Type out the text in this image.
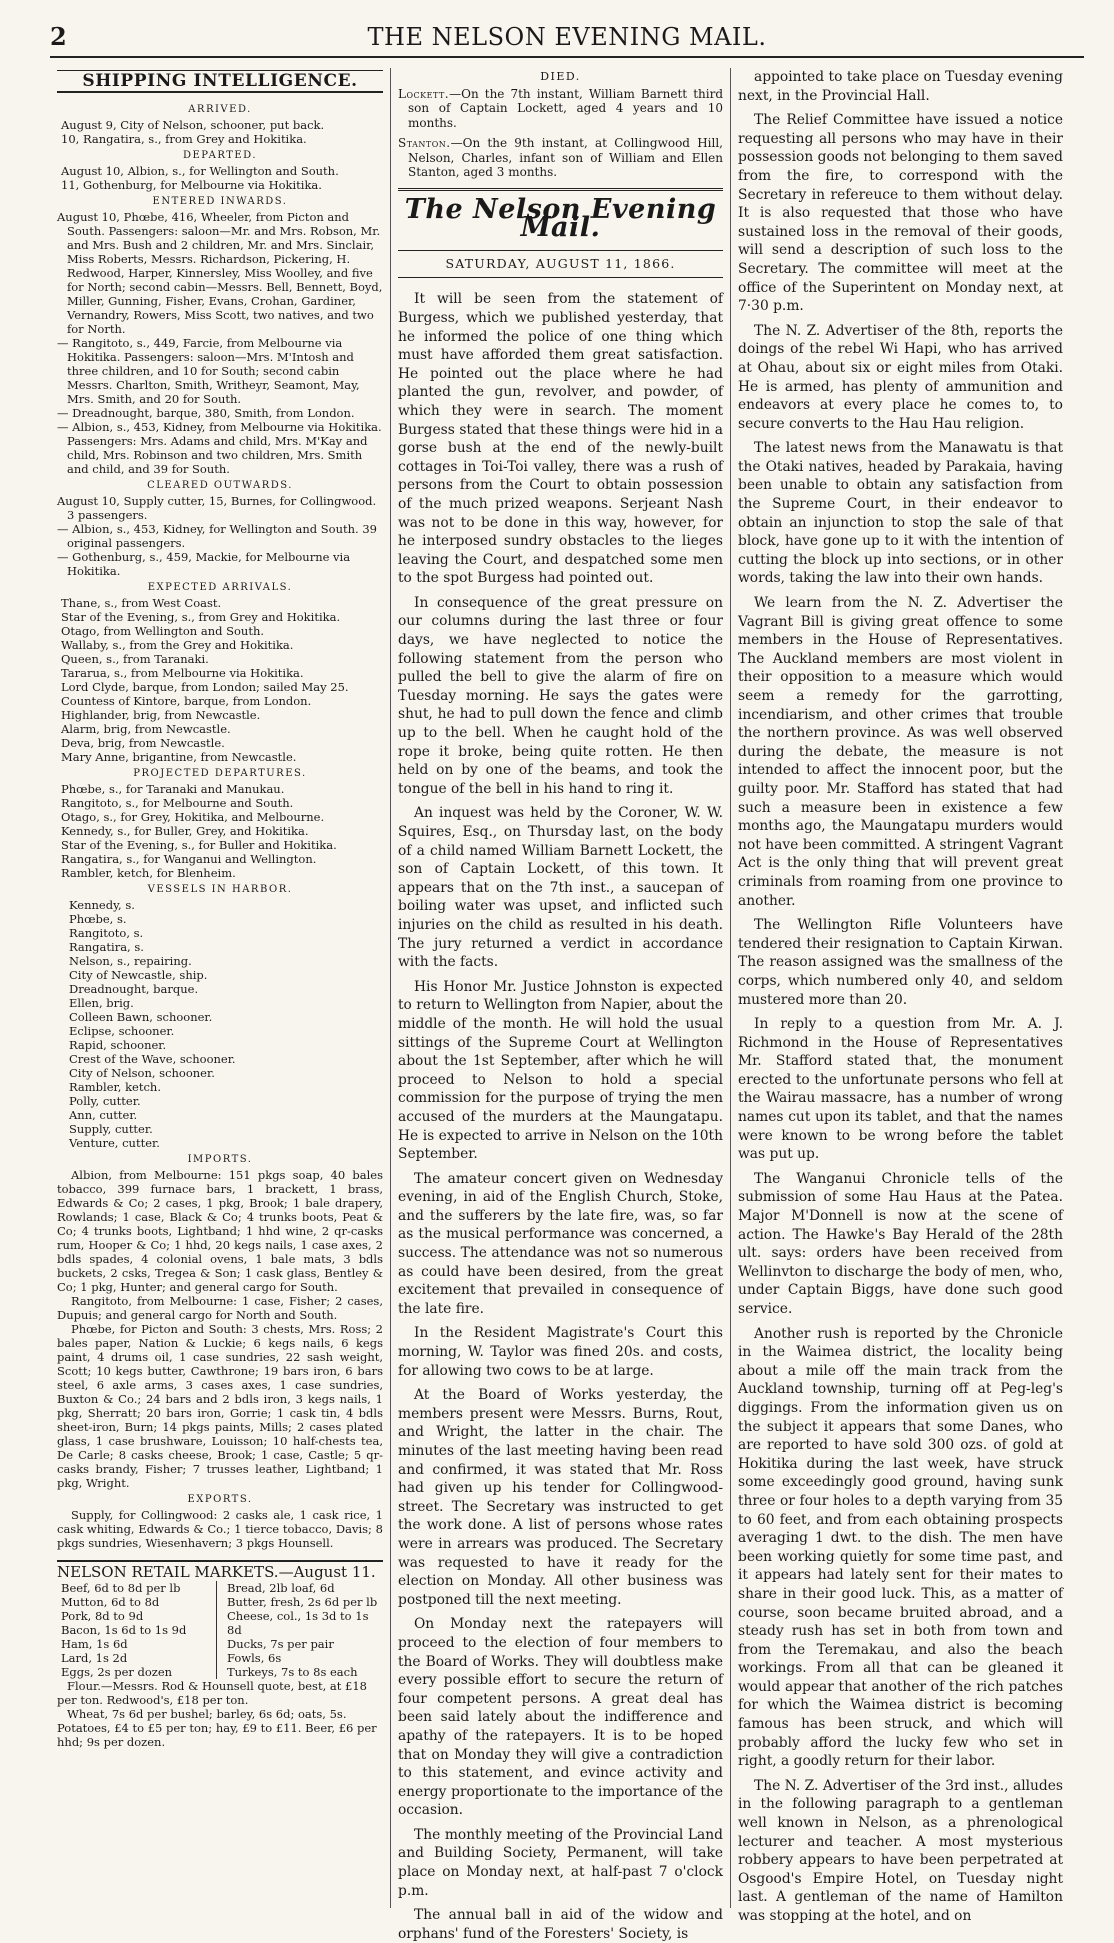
2	THE NELSON EVENING MAIL.
SHIPPING INTELLIGENCE.
ARRIVED.

August 9, City of Nelson, schooner, put back.

10, Rangatira, s., from Grey and Hokitika.

DEPARTED.

August 10, Albion, s., for Wellington and South.

11, Gothenburg, for Melbourne via Hokitika.

ENTERED INWARDS.

August 10, Phœbe, 416, Wheeler, from Picton and South. Passengers: saloon—Mr. and Mrs. Robson, Mr. and Mrs. Bush and 2 children, Mr. and Mrs. Sinclair, Miss Roberts, Messrs. Richardson, Pickering, H. Redwood, Harper, Kinnersley, Miss Woolley, and five for North; second cabin—Messrs. Bell, Bennett, Boyd, Miller, Gunning, Fisher, Evans, Crohan, Gardiner, Vernandry, Rowers, Miss Scott, two natives, and two for North.

— Rangitoto, s., 449, Farcie, from Melbourne via Hokitika. Passengers: saloon—Mrs. M'Intosh and three children, and 10 for South; second cabin Messrs. Charlton, Smith, Writheyr, Seamont, May, Mrs. Smith, and 20 for South.

— Dreadnought, barque, 380, Smith, from London.

— Albion, s., 453, Kidney, from Melbourne via Hokitika. Passengers: Mrs. Adams and child, Mrs. M'Kay and child, Mrs. Robinson and two children, Mrs. Smith and child, and 39 for South.

CLEARED OUTWARDS.

August 10, Supply cutter, 15, Burnes, for Collingwood. 3 passengers.

— Albion, s., 453, Kidney, for Wellington and South. 39 original passengers.

— Gothenburg, s., 459, Mackie, for Melbourne via Hokitika.

EXPECTED ARRIVALS.

Thane, s., from West Coast.

Star of the Evening, s., from Grey and Hokitika.

Otago, from Wellington and South.

Wallaby, s., from the Grey and Hokitika.

Queen, s., from Taranaki.

Tararua, s., from Melbourne via Hokitika.

Lord Clyde, barque, from London; sailed May 25.

Countess of Kintore, barque, from London.

Highlander, brig, from Newcastle.

Alarm, brig, from Newcastle.

Deva, brig, from Newcastle.

Mary Anne, brigantine, from Newcastle.

PROJECTED DEPARTURES.

Phœbe, s., for Taranaki and Manukau.

Rangitoto, s., for Melbourne and South.

Otago, s., for Grey, Hokitika, and Melbourne.

Kennedy, s., for Buller, Grey, and Hokitika.

Star of the Evening, s., for Buller and Hokitika.

Rangatira, s., for Wanganui and Wellington.

Rambler, ketch, for Blenheim.

VESSELS IN HARBOR.

Kennedy, s.

Phœbe, s.

Rangitoto, s.

Rangatira, s.

Nelson, s., repairing.

City of Newcastle, ship.

Dreadnought, barque.

Ellen, brig.

Colleen Bawn, schooner.

Eclipse, schooner.

Rapid, schooner.

Crest of the Wave, schooner.

City of Nelson, schooner.

Rambler, ketch.

Polly, cutter.

Ann, cutter.

Supply, cutter.

Venture, cutter.

IMPORTS.

Albion, from Melbourne: 151 pkgs soap, 40 bales tobacco, 399 furnace bars, 1 brackett, 1 brass, Edwards & Co; 2 cases, 1 pkg, Brook; 1 bale drapery, Rowlands; 1 case, Black & Co; 4 trunks boots, Peat & Co; 4 trunks boots, Lightband; 1 hhd wine, 2 qr-casks rum, Hooper & Co; 1 hhd, 20 kegs nails, 1 case axes, 2 bdls spades, 4 colonial ovens, 1 bale mats, 3 bdls buckets, 2 csks, Tregea & Son; 1 cask glass, Bentley & Co; 1 pkg, Hunter; and general cargo for South.

Rangitoto, from Melbourne: 1 case, Fisher; 2 cases, Dupuis; and general cargo for North and South.

Phœbe, for Picton and South: 3 chests, Mrs. Ross; 2 bales paper, Nation & Luckie; 6 kegs nails, 6 kegs paint, 4 drums oil, 1 case sundries, 22 sash weight, Scott; 10 kegs butter, Cawthrone; 19 bars iron, 6 bars steel, 6 axle arms, 3 cases axes, 1 case sundries, Buxton & Co.; 24 bars and 2 bdls iron, 3 kegs nails, 1 pkg, Sherratt; 20 bars iron, Gorrie; 1 cask tin, 4 bdls sheet-iron, Burn; 14 pkgs paints, Mills; 2 cases plated glass, 1 case brushware, Louisson; 10 half-chests tea, De Carle; 8 casks cheese, Brook; 1 case, Castle; 5 qr-casks brandy, Fisher; 7 trusses leather, Lightband; 1 pkg, Wright.

EXPORTS.

Supply, for Collingwood: 2 casks ale, 1 cask rice, 1 cask whiting, Edwards & Co.; 1 tierce tobacco, Davis; 8 pkgs sundries, Wiesenhavern; 3 pkgs Hounsell.

NELSON RETAIL MARKETS.—August 11.

Beef, 6d to 8d per lb

Mutton, 6d to 8d

Pork, 8d to 9d

Bacon, 1s 6d to 1s 9d

Ham, 1s 6d

Lard, 1s 2d

Eggs, 2s per dozen

Bread, 2lb loaf, 6d

Butter, fresh, 2s 6d per lb

Cheese, col., 1s 3d to 1s 8d

Ducks, 7s per pair

Fowls, 6s

Turkeys, 7s to 8s each

Flour.—Messrs. Rod & Hounsell quote, best, at £18 per ton. Redwood's, £18 per ton.

Wheat, 7s 6d per bushel; barley, 6s 6d; oats, 5s. Potatoes, £4 to £5 per ton; hay, £9 to £11. Beer, £6 per hhd; 9s per dozen.

DIED.

Lockett.—On the 7th instant, William Barnett third son of Captain Lockett, aged 4 years and 10 months.

Stanton.—On the 9th instant, at Collingwood Hill, Nelson, Charles, infant son of William and Ellen Stanton, aged 3 months.

The Nelson Evening Mail.
SATURDAY, AUGUST 11, 1866.

It will be seen from the statement of Burgess, which we published yesterday, that he informed the police of one thing which must have afforded them great satisfaction. He pointed out the place where he had planted the gun, revolver, and powder, of which they were in search. The moment Burgess stated that these things were hid in a gorse bush at the end of the newly-built cottages in Toi-Toi valley, there was a rush of persons from the Court to obtain possession of the much prized weapons. Serjeant Nash was not to be done in this way, however, for he interposed sundry obstacles to the lieges leaving the Court, and despatched some men to the spot Burgess had pointed out.

In consequence of the great pressure on our columns during the last three or four days, we have neglected to notice the following statement from the person who pulled the bell to give the alarm of fire on Tuesday morning. He says the gates were shut, he had to pull down the fence and climb up to the bell. When he caught hold of the rope it broke, being quite rotten. He then held on by one of the beams, and took the tongue of the bell in his hand to ring it.

An inquest was held by the Coroner, W. W. Squires, Esq., on Thursday last, on the body of a child named William Barnett Lockett, the son of Captain Lockett, of this town. It appears that on the 7th inst., a saucepan of boiling water was upset, and inflicted such injuries on the child as resulted in his death. The jury returned a verdict in accordance with the facts.

His Honor Mr. Justice Johnston is expected to return to Wellington from Napier, about the middle of the month. He will hold the usual sittings of the Supreme Court at Wellington about the 1st September, after which he will proceed to Nelson to hold a special commission for the purpose of trying the men accused of the murders at the Maungatapu. He is expected to arrive in Nelson on the 10th September.

The amateur concert given on Wednesday evening, in aid of the English Church, Stoke, and the sufferers by the late fire, was, so far as the musical performance was concerned, a success. The attendance was not so numerous as could have been desired, from the great excitement that prevailed in consequence of the late fire.

In the Resident Magistrate's Court this morning, W. Taylor was fined 20s. and costs, for allowing two cows to be at large.

At the Board of Works yesterday, the members present were Messrs. Burns, Rout, and Wright, the latter in the chair. The minutes of the last meeting having been read and confirmed, it was stated that Mr. Ross had given up his tender for Collingwood-street. The Secretary was instructed to get the work done. A list of persons whose rates were in arrears was produced. The Secretary was requested to have it ready for the election on Monday. All other business was postponed till the next meeting.

On Monday next the ratepayers will proceed to the election of four members to the Board of Works. They will doubtless make every possible effort to secure the return of four competent persons. A great deal has been said lately about the indifference and apathy of the ratepayers. It is to be hoped that on Monday they will give a contradiction to this statement, and evince activity and energy proportionate to the importance of the occasion.

The monthly meeting of the Provincial Land and Building Society, Permanent, will take place on Monday next, at half-past 7 o'clock p.m.

The annual ball in aid of the widow and orphans' fund of the Foresters' Society, is

appointed to take place on Tuesday evening next, in the Provincial Hall.

The Relief Committee have issued a notice requesting all persons who may have in their possession goods not belonging to them saved from the fire, to correspond with the Secretary in refereuce to them without delay. It is also requested that those who have sustained loss in the removal of their goods, will send a description of such loss to the Secretary. The committee will meet at the office of the Superintent on Monday next, at 7·30 p.m.

The N. Z. Advertiser of the 8th, reports the doings of the rebel Wi Hapi, who has arrived at Ohau, about six or eight miles from Otaki. He is armed, has plenty of ammunition and endeavors at every place he comes to, to secure converts to the Hau Hau religion.

The latest news from the Manawatu is that the Otaki natives, headed by Parakaia, having been unable to obtain any satisfaction from the Supreme Court, in their endeavor to obtain an injunction to stop the sale of that block, have gone up to it with the intention of cutting the block up into sections, or in other words, taking the law into their own hands.

We learn from the N. Z. Advertiser the Vagrant Bill is giving great offence to some members in the House of Representatives. The Auckland members are most violent in their opposition to a measure which would seem a remedy for the garrotting, incendiarism, and other crimes that trouble the northern province. As was well observed during the debate, the measure is not intended to affect the innocent poor, but the guilty poor. Mr. Stafford has stated that had such a measure been in existence a few months ago, the Maungatapu murders would not have been committed. A stringent Vagrant Act is the only thing that will prevent great criminals from roaming from one province to another.

The Wellington Rifle Volunteers have tendered their resignation to Captain Kirwan. The reason assigned was the smallness of the corps, which numbered only 40, and seldom mustered more than 20.

In reply to a question from Mr. A. J. Richmond in the House of Representatives Mr. Stafford stated that, the monument erected to the unfortunate persons who fell at the Wairau massacre, has a number of wrong names cut upon its tablet, and that the names were known to be wrong before the tablet was put up.

The Wanganui Chronicle tells of the submission of some Hau Haus at the Patea. Major M'Donnell is now at the scene of action. The Hawke's Bay Herald of the 28th ult. says: orders have been received from Wellinvton to discharge the body of men, who, under Captain Biggs, have done such good service.

Another rush is reported by the Chronicle in the Waimea district, the locality being about a mile off the main track from the Auckland township, turning off at Peg-leg's diggings. From the information given us on the subject it appears that some Danes, who are reported to have sold 300 ozs. of gold at Hokitika during the last week, have struck some exceedingly good ground, having sunk three or four holes to a depth varying from 35 to 60 feet, and from each obtaining prospects averaging 1 dwt. to the dish. The men have been working quietly for some time past, and it appears had lately sent for their mates to share in their good luck. This, as a matter of course, soon became bruited abroad, and a steady rush has set in both from town and from the Teremakau, and also the beach workings. From all that can be gleaned it would appear that another of the rich patches for which the Waimea district is becoming famous has been struck, and which will probably afford the lucky few who set in right, a goodly return for their labor.

The N. Z. Advertiser of the 3rd inst., alludes in the following paragraph to a gentleman well known in Nelson, as a phrenological lecturer and teacher. A most mysterious robbery appears to have been perpetrated at Osgood's Empire Hotel, on Tuesday night last. A gentleman of the name of Hamilton was stopping at the hotel, and on
